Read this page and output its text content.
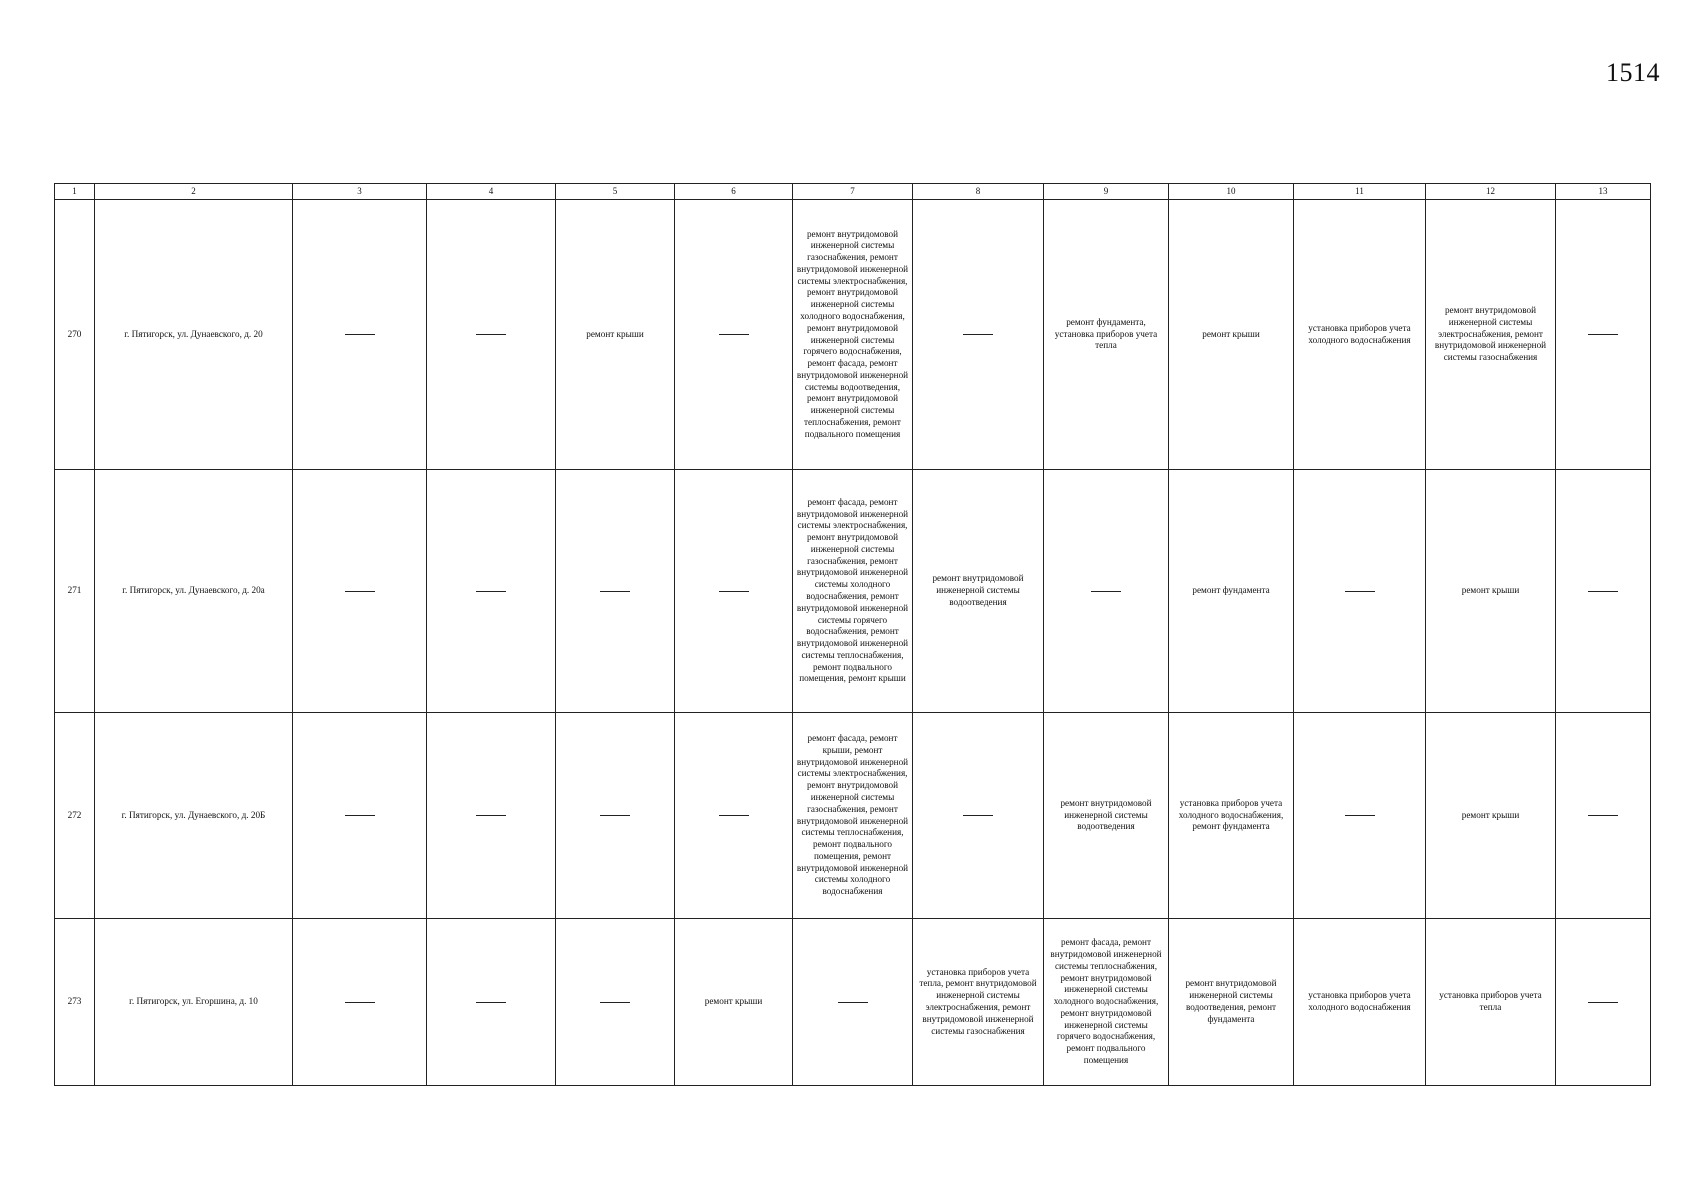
1514
1	2	3	4	5	6	7	8	9	10	11	12	13
270	г. Пятигорск, ул. Дунаевского, д. 20			ремонт крыши		ремонт внутридомовой инженерной системы газоснабжения, ремонт внутридомовой инженерной системы электроснабжения, ремонт внутридомовой инженерной системы холодного водоснабжения, ремонт внутридомовой инженерной системы горячего водоснабжения, ремонт фасада, ремонт внутридомовой инженерной системы водоотведения, ремонт внутридомовой инженерной системы теплоснабжения, ремонт подвального помещения		ремонт фундамента, установка приборов учета тепла	ремонт крыши	установка приборов учета холодного водоснабжения	ремонт внутридомовой инженерной системы электроснабжения, ремонт внутридомовой инженерной системы газоснабжения	
271	г. Пятигорск, ул. Дунаевского, д. 20а					ремонт фасада, ремонт внутридомовой инженерной системы электроснабжения, ремонт внутридомовой инженерной системы газоснабжения, ремонт внутридомовой инженерной системы холодного водоснабжения, ремонт внутридомовой инженерной системы горячего водоснабжения, ремонт внутридомовой инженерной системы теплоснабжения, ремонт подвального помещения, ремонт крыши	ремонт внутридомовой инженерной системы водоотведения		ремонт фундамента		ремонт крыши	
272	г. Пятигорск, ул. Дунаевского, д. 20Б					ремонт фасада, ремонт крыши, ремонт внутридомовой инженерной системы электроснабжения, ремонт внутридомовой инженерной системы газоснабжения, ремонт внутридомовой инженерной системы теплоснабжения, ремонт подвального помещения, ремонт внутридомовой инженерной системы холодного водоснабжения		ремонт внутридомовой инженерной системы водоотведения	установка приборов учета холодного водоснабжения, ремонт фундамента		ремонт крыши	
273	г. Пятигорск, ул. Егоршина, д. 10				ремонт крыши		установка приборов учета тепла, ремонт внутридомовой инженерной системы электроснабжения, ремонт внутридомовой инженерной системы газоснабжения	ремонт фасада, ремонт внутридомовой инженерной системы теплоснабжения, ремонт внутридомовой инженерной системы холодного водоснабжения, ремонт внутридомовой инженерной системы горячего водоснабжения, ремонт подвального помещения	ремонт внутридомовой инженерной системы водоотведения, ремонт фундамента	установка приборов учета холодного водоснабжения	установка приборов учета тепла	
